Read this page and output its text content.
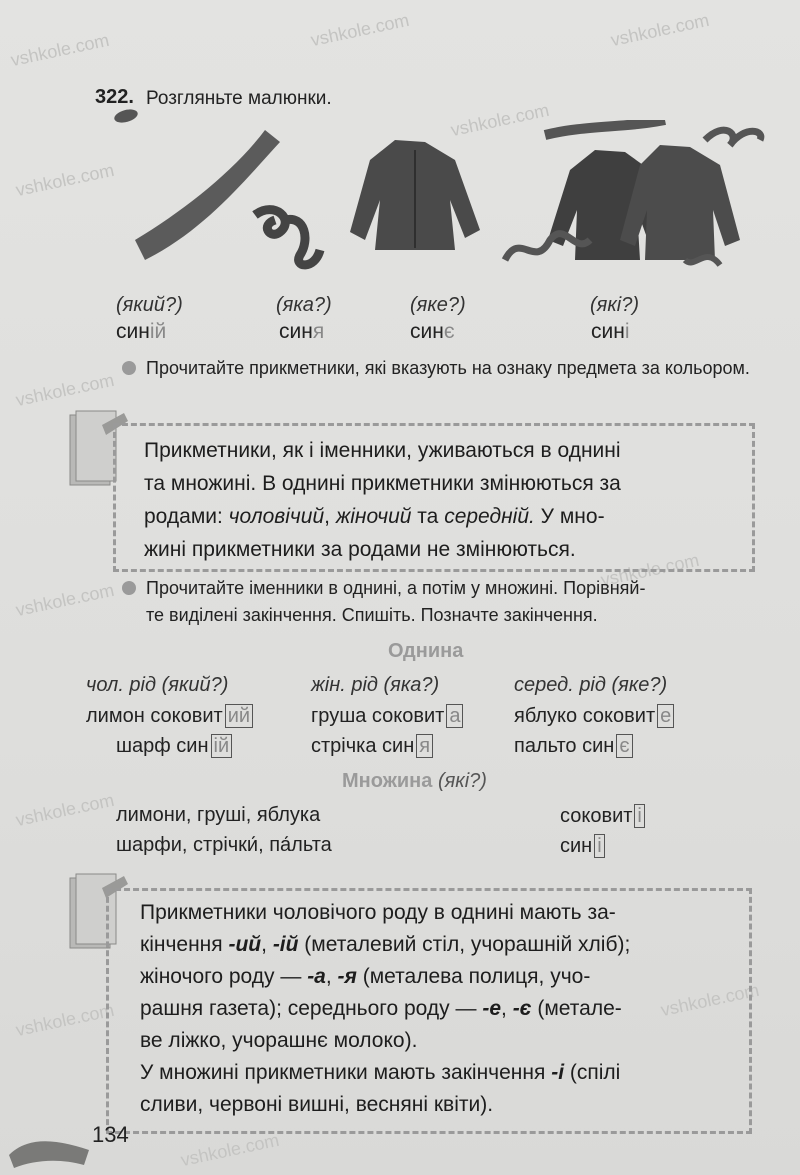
vshkole.com	vshkole.com	vshkole.com
vshkole.com
vshkole.com
vshkole.com
vshkole.com
vshkole.com
vshkole.com	vshkole.com
vshkole.com
vshkole.com
322. Розгляньте малюнки.
(який?)	(яка?)	(яке?)	(які?)
синій	синя	синє	сині
Прочитайте прикметники, які вказують на ознаку предмета за кольором.
Прикметники, як і іменники, уживаються в однині
та множині. В однині прикметники змінюються за
родами: чоловічий, жіночий та середній. У мно-
жині прикметники за родами не змінюються.
Прочитайте іменники в однині, а потім у множині. Порівняй-
те виділені закінчення. Спишіть. Позначте закінчення.
Однина
чол. рід (який?)	жін. рід (яка?)	серед. рід (яке?)
лимон соковит ий	груша соковит а	яблуко соковит е
шарф син ій	стрічка син я	пальто син є
Множина (які?)
лимони, груші, яблука	соковит і
шарфи, стрічки́, па́льта	син і
Прикметники чоловічого роду в однині мають за-
кінчення -ий, -ій (металевий стіл, учорашній хліб);
жіночого роду — -а, -я (металева полиця, учо-
рашня газета); середнього роду — -е, -є (метале-
ве ліжко, учорашнє молоко).
У множині прикметники мають закінчення -і (спілі
сливи, червоні вишні, весняні квіти).
134
